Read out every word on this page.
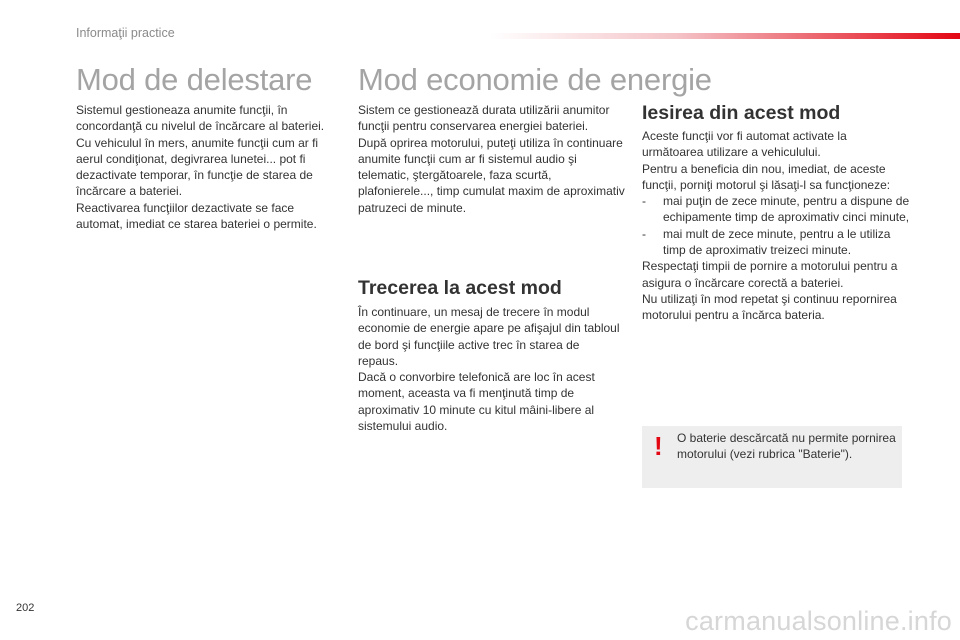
Informaţii practice
Mod de delestare

Sistemul gestioneaza anumite funcţii, în concordanţă cu nivelul de încărcare al bateriei.

Cu vehiculul în mers, anumite funcţii cum ar fi aerul condiţionat, degivrarea lunetei... pot fi dezactivate temporar, în funcţie de starea de încărcare a bateriei.

Reactivarea funcţiilor dezactivate se face automat, imediat ce starea bateriei o permite.

Mod economie de energie

Sistem ce gestionează durata utilizării anumitor funcţii pentru conservarea energiei bateriei.

După oprirea motorului, puteţi utiliza în continuare anumite funcţii cum ar fi sistemul audio şi telematic, ştergătoarele, faza scurtă, plafonierele..., timp cumulat maxim de aproximativ patruzeci de minute.

Trecerea la acest mod

În continuare, un mesaj de trecere în modul economie de energie apare pe afişajul din tabloul de bord şi funcţiile active trec în starea de repaus.

Dacă o convorbire telefonică are loc în acest moment, aceasta va fi menţinută timp de aproximativ 10 minute cu kitul mâini-libere al sistemului audio.

Iesirea din acest mod

Aceste funcţii vor fi automat activate la următoarea utilizare a vehiculului.

Pentru a beneficia din nou, imediat, de aceste funcţii, porniţi motorul şi lăsaţi-l sa funcţioneze:

- mai puţin de zece minute, pentru a dispune de echipamente timp de aproximativ cinci minute,
- mai mult de zece minute, pentru a le utiliza timp de aproximativ treizeci minute.

Respectaţi timpii de pornire a motorului pentru a asigura o încărcare corectă a bateriei.

Nu utilizaţi în mod repetat şi continuu repornirea motorului pentru a încărca bateria.

! O baterie descărcată nu permite pornirea motorului (vezi rubrica "Baterie").
202	carmanualsonline.info
